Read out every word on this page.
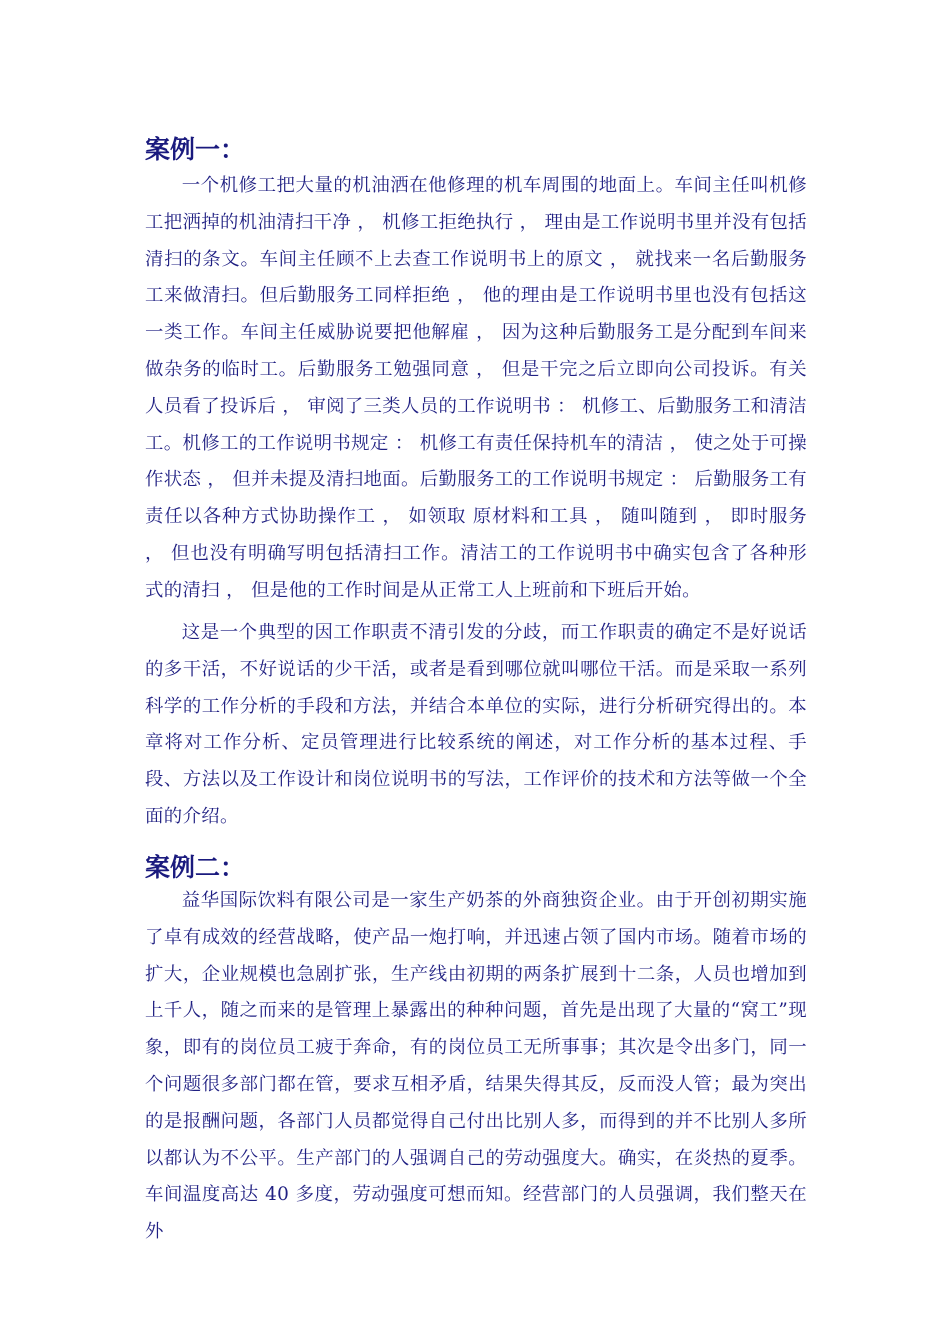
案例一：

一个机修工把大量的机油洒在他修理的机车周围的地面上。车间主任叫机修工把洒掉的机油清扫干净 ， 机修工拒绝执行 ， 理由是工作说明书里并没有包括清扫的条文。车间主任顾不上去查工作说明书上的原文 ， 就找来一名后勤服务工来做清扫。但后勤服务工同样拒绝 ， 他的理由是工作说明书里也没有包括这一类工作。车间主任威胁说要把他解雇 ， 因为这种后勤服务工是分配到车间来做杂务的临时工。后勤服务工勉强同意 ， 但是干完之后立即向公司投诉。有关人员看了投诉后 ， 审阅了三类人员的工作说明书 ： 机修工、后勤服务工和清洁工。机修工的工作说明书规定 ： 机修工有责任保持机车的清洁 ， 使之处于可操作状态 ， 但并未提及清扫地面。后勤服务工的工作说明书规定 ： 后勤服务工有责任以各种方式协助操作工 ， 如领取 原材料和工具 ， 随叫随到 ， 即时服务 ， 但也没有明确写明包括清扫工作。清洁工的工作说明书中确实包含了各种形式的清扫 ， 但是他的工作时间是从正常工人上班前和下班后开始。

这是一个典型的因工作职责不清引发的分歧，而工作职责的确定不是好说话的多干活，不好说话的少干活，或者是看到哪位就叫哪位干活。而是采取一系列科学的工作分析的手段和方法，并结合本单位的实际，进行分析研究得出的。本章将对工作分析、定员管理进行比较系统的阐述，对工作分析的基本过程、手段、方法以及工作设计和岗位说明书的写法，工作评价的技术和方法等做一个全面的介绍。

案例二：

益华国际饮料有限公司是一家生产奶茶的外商独资企业。由于开创初期实施了卓有成效的经营战略，使产品一炮打响，并迅速占领了国内市场。随着市场的扩大，企业规模也急剧扩张，生产线由初期的两条扩展到十二条，人员也增加到上千人，随之而来的是管理上暴露出的种种问题，首先是出现了大量的“窝工”现象，即有的岗位员工疲于奔命，有的岗位员工无所事事；其次是令出多门，同一个问题很多部门都在管，要求互相矛盾，结果失得其反，反而没人管；最为突出的是报酬问题，各部门人员都觉得自己付出比别人多，而得到的并不比别人多所以都认为不公平。生产部门的人强调自己的劳动强度大。确实，在炎热的夏季。车间温度高达 40 多度，劳动强度可想而知。经营部门的人员强调，我们整天在外
